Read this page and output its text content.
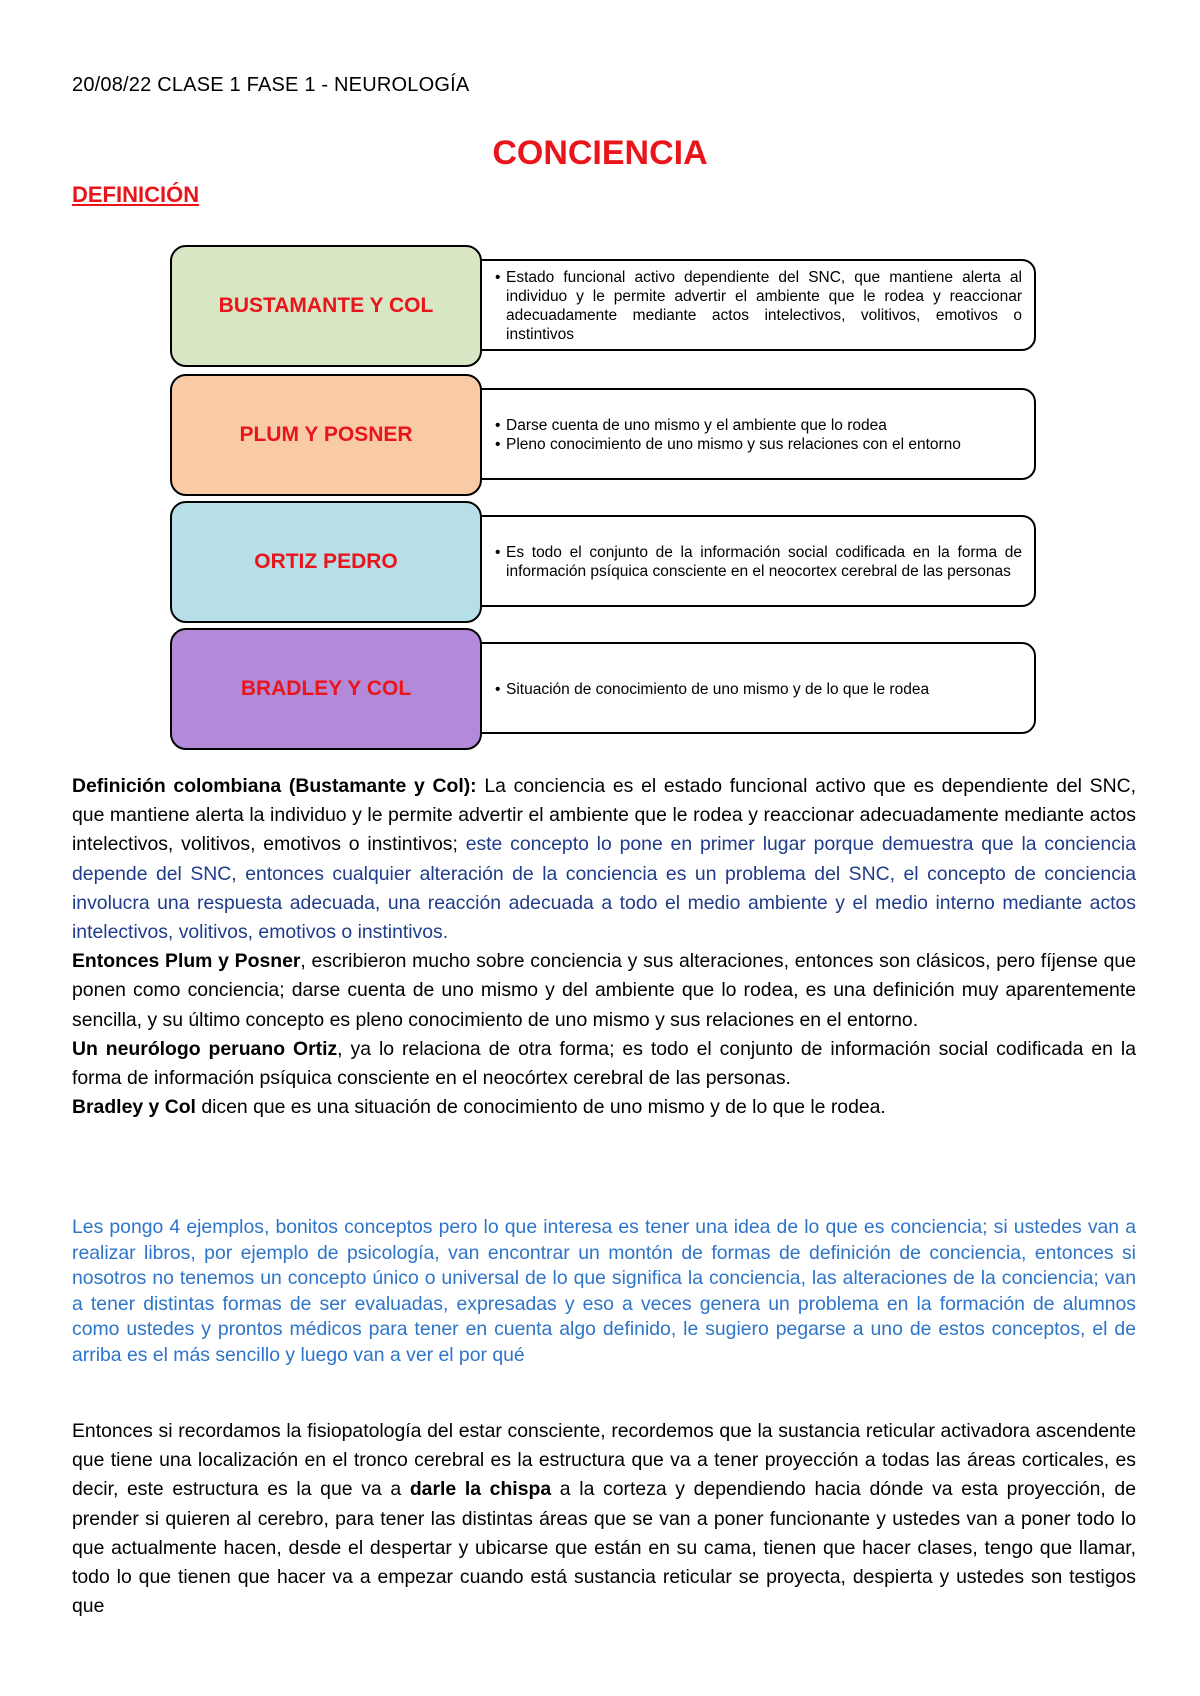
20/08/22 CLASE 1 FASE 1 - NEUROLOGÍA
CONCIENCIA
DEFINICIÓN
• Estado funcional activo dependiente del SNC, que mantiene alerta al individuo y le permite advertir el ambiente que le rodea y reaccionar adecuadamente mediante actos intelectivos, volitivos, emotivos o instintivos
BUSTAMANTE Y COL
• Darse cuenta de uno mismo y el ambiente que lo rodea
• Pleno conocimiento de uno mismo y sus relaciones con el entorno
PLUM Y POSNER
• Es todo el conjunto de la información social codificada en la forma de información psíquica consciente en el neocortex cerebral de las personas
ORTIZ PEDRO
• Situación de conocimiento de uno mismo y de lo que le rodea
BRADLEY Y COL

Definición colombiana (Bustamante y Col): La conciencia es el estado funcional activo que es dependiente del SNC, que mantiene alerta la individuo y le permite advertir el ambiente que le rodea y reaccionar adecuadamente mediante actos intelectivos, volitivos, emotivos o instintivos; este concepto lo pone en primer lugar porque demuestra que la conciencia depende del SNC, entonces cualquier alteración de la conciencia es un problema del SNC, el concepto de conciencia involucra una respuesta adecuada, una reacción adecuada a todo el medio ambiente y el medio interno mediante actos intelectivos, volitivos, emotivos o instintivos.

Entonces Plum y Posner, escribieron mucho sobre conciencia y sus alteraciones, entonces son clásicos, pero fíjense que ponen como conciencia; darse cuenta de uno mismo y del ambiente que lo rodea, es una definición muy aparentemente sencilla, y su último concepto es pleno conocimiento de uno mismo y sus relaciones en el entorno.

Un neurólogo peruano Ortiz, ya lo relaciona de otra forma; es todo el conjunto de información social codificada en la forma de información psíquica consciente en el neocórtex cerebral de las personas.

Bradley y Col dicen que es una situación de conocimiento de uno mismo y de lo que le rodea.

Les pongo 4 ejemplos, bonitos conceptos pero lo que interesa es tener una idea de lo que es conciencia; si ustedes van a realizar libros, por ejemplo de psicología, van encontrar un montón de formas de definición de conciencia, entonces si nosotros no tenemos un concepto único o universal de lo que significa la conciencia, las alteraciones de la conciencia; van a tener distintas formas de ser evaluadas, expresadas y eso a veces genera un problema en la formación de alumnos como ustedes y prontos médicos para tener en cuenta algo definido, le sugiero pegarse a uno de estos conceptos, el de arriba es el más sencillo y luego van a ver el por qué

Entonces si recordamos la fisiopatología del estar consciente, recordemos que la sustancia reticular activadora ascendente que tiene una localización en el tronco cerebral es la estructura que va a tener proyección a todas las áreas corticales, es decir, este estructura es la que va a darle la chispa a la corteza y dependiendo hacia dónde va esta proyección, de prender si quieren al cerebro, para tener las distintas áreas que se van a poner funcionante y ustedes van a poner todo lo que actualmente hacen, desde el despertar y ubicarse que están en su cama, tienen que hacer clases, tengo que llamar, todo lo que tienen que hacer va a empezar cuando está sustancia reticular se proyecta, despierta y ustedes son testigos que
